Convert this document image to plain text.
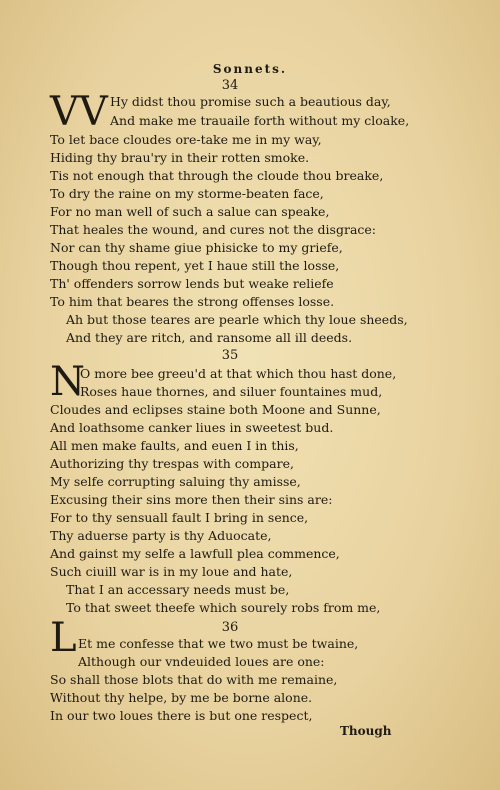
Sonnets.
34
VV Hy didst thou promise such a beautious day,
And make me trauaile forth without my cloake,
To let bace cloudes ore-take me in my way,
Hiding thy brau'ry in their rotten smoke.
Tis not enough that through the cloude thou breake,
To dry the raine on my storme-beaten face,
For no man well of such a salue can speake,
That heales the wound, and cures not the disgrace:
Nor can thy shame giue phisicke to my griefe,
Though thou repent, yet I haue still the losse,
Th' offenders sorrow lends but weake reliefe
To him that beares the strong offenses losse.
Ah but those teares are pearle which thy loue sheeds,
And they are ritch, and ransome all ill deeds.
35
N
O more bee greeu'd at that which thou hast done,
Roses haue thornes, and siluer fountaines mud,
Cloudes and eclipses staine both Moone and Sunne,
And loathsome canker liues in sweetest bud.
All men make faults, and euen I in this,
Authorizing thy trespas with compare,
My selfe corrupting saluing thy amisse,
Excusing their sins more then their sins are:
For to thy sensuall fault I bring in sence,
Thy aduerse party is thy Aduocate,
And gainst my selfe a lawfull plea commence,
Such ciuill war is in my loue and hate,
That I an accessary needs must be,
To that sweet theefe which sourely robs from me,
36
L Et me confesse that we two must be twaine,
Although our vndeuided loues are one:
So shall those blots that do with me remaine,
Without thy helpe, by me be borne alone.
In our two loues there is but one respect,
Though
